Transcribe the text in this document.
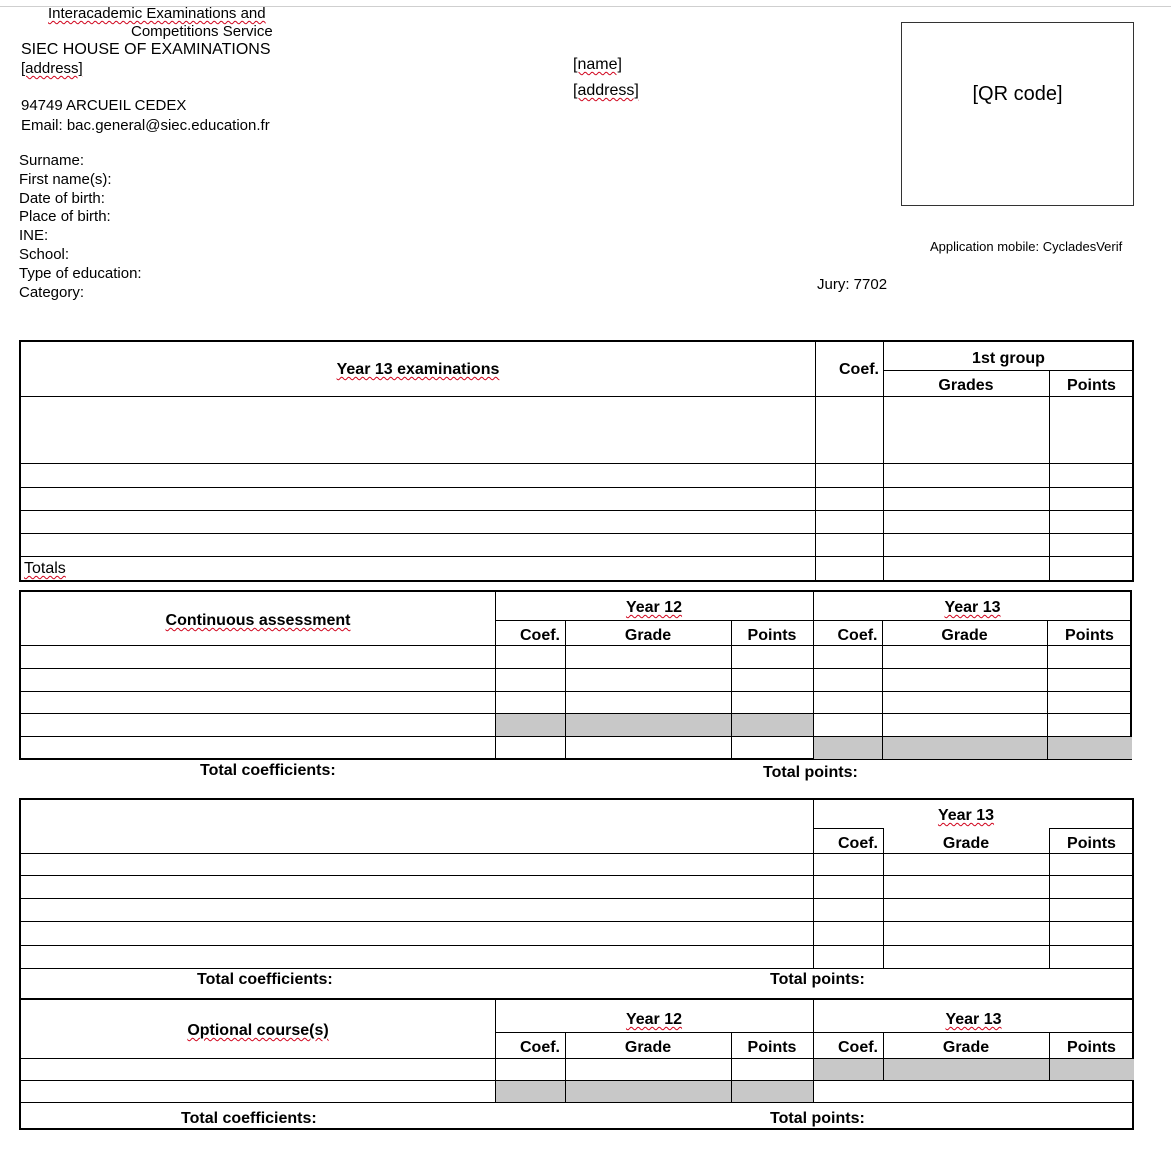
Interacademic Examinations and
Competitions Service
SIEC HOUSE OF EXAMINATIONS
[address]
94749 ARCUEIL CEDEX
Email: bac.general@siec.education.fr
[name]
[address]	[QR code]
Application mobile: CycladesVerif
Jury: 7702
Surname:
First name(s):
Date of birth:
Place of birth:
INE:
School:
Type of education:
Category:
Year 13 examinations	Coef.
1st group
Grades	Points
Totals
Continuous assessment
Year 12	Year 13
Coef.	Grade	Points	Coef.	Grade	Points
Total coefficients:	Total points:
Year 13
Coef.	Grade	Points
Total coefficients:	Total points:
Optional course(s)
Year 12	Year 13
Coef.	Grade	Points	Coef.	Grade	Points
Total coefficients:	Total points:
